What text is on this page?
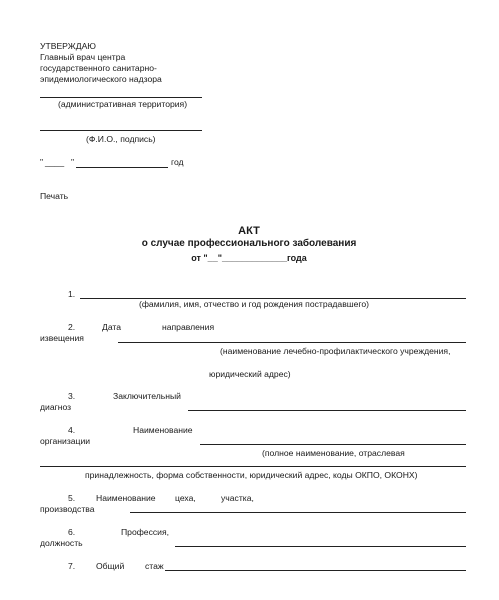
УТВЕРЖДАЮ
Главный врач центра
государственного санитарно-
эпидемиологического надзора
(административная территория)
(Ф.И.О., подпись)
" ____ "	год
Печать
АКТ
о случае профессионального заболевания
от "__"_____________года
1.
(фамилия, имя, отчество и год рождения пострадавшего)
2.	Дата	направления
извещения
(наименование лечебно-профилактического учреждения,
юридический адрес)
3.	Заключительный
диагноз
4.	Наименование
организации
(полное наименование, отраслевая
принадлежность, форма собственности, юридический адрес, коды ОКПО, ОКОНХ)
5. Наименование цеха,	участка,
производства
6.	Профессия,
должность
7. Общий стаж
